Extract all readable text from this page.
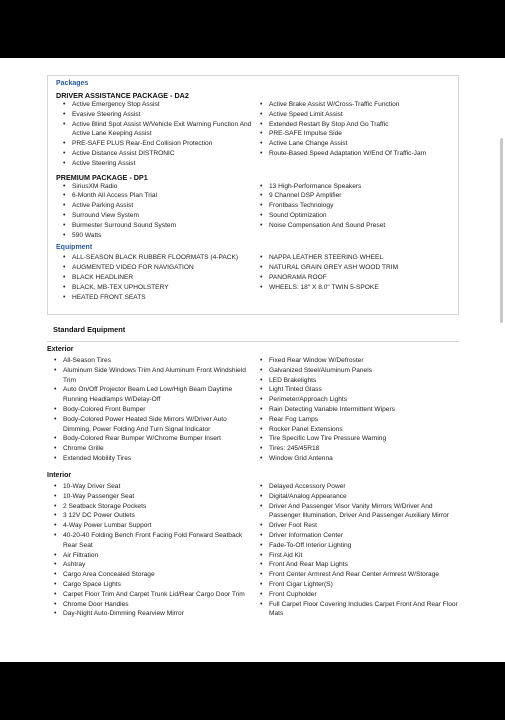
Packages
DRIVER ASSISTANCE PACKAGE - DA2
• Active Emergency Stop Assist
• Evasive Steering Assist
• Active Blind Spot Assist W/Vehicle Exit Warning Function And Active Lane Keeping Assist
• PRE-SAFE PLUS Rear-End Collision Protection
• Active Distance Assist DISTRONIC
• Active Steering Assist
• Active Brake Assist W/Cross-Traffic Function
• Active Speed Limit Assist
• Extended Restart By Stop And Go Traffic
• PRE-SAFE Impulse Side
• Active Lane Change Assist
• Route-Based Speed Adaptation W/End Of Traffic-Jam
PREMIUM PACKAGE - DP1
• SiriusXM Radio
• 6-Month All Access Plan Trial
• Active Parking Assist
• Surround View System
• Burmester Surround Sound System
• 590 Watts
• 13 High-Performance Speakers
• 9 Channel DSP Amplifier
• Frontbass Technology
• Sound Optimization
• Noise Compensation And Sound Preset
Equipment
• ALL-SEASON BLACK RUBBER FLOORMATS (4-PACK)
• AUGMENTED VIDEO FOR NAVIGATION
• BLACK HEADLINER
• BLACK, MB-TEX UPHOLSTERY
• HEATED FRONT SEATS
• NAPPA LEATHER STEERING WHEEL
• NATURAL GRAIN GREY ASH WOOD TRIM
• PANORAMA ROOF
• WHEELS: 18" X 8.0" TWIN 5-SPOKE
Standard Equipment
Exterior
• All-Season Tires
• Aluminum Side Windows Trim And Aluminum Front Windshield Trim
• Auto On/Off Projector Beam Led Low/High Beam Daytime Running Headlamps W/Delay-Off
• Body-Colored Front Bumper
• Body-Colored Power Heated Side Mirrors W/Driver Auto Dimming, Power Folding And Turn Signal Indicator
• Body-Colored Rear Bumper W/Chrome Bumper Insert
• Chrome Grille
• Extended Mobility Tires
• Fixed Rear Window W/Defroster
• Galvanized Steel/Aluminum Panels
• LED Brakelights
• Light Tinted Glass
• Perimeter/Approach Lights
• Rain Detecting Variable Intermittent Wipers
• Rear Fog Lamps
• Rocker Panel Extensions
• Tire Specific Low Tire Pressure Warning
• Tires: 245/45R18
• Window Grid Antenna
Interior
• 10-Way Driver Seat
• 10-Way Passenger Seat
• 2 Seatback Storage Pockets
• 3 12V DC Power Outlets
• 4-Way Power Lumbar Support
• 40-20-40 Folding Bench Front Facing Fold Forward Seatback Rear Seat
• Air Filtration
• Ashtray
• Cargo Area Concealed Storage
• Cargo Space Lights
• Carpet Floor Trim And Carpet Trunk Lid/Rear Cargo Door Trim
• Chrome Door Handles
• Day-Night Auto-Dimming Rearview Mirror
• Delayed Accessory Power
• Digital/Analog Appearance
• Driver And Passenger Visor Vanity Mirrors W/Driver And Passenger Illumination, Driver And Passenger Auxiliary Mirror
• Driver Foot Rest
• Driver Information Center
• Fade-To-Off Interior Lighting
• First Aid Kit
• Front And Rear Map Lights
• Front Center Armrest And Rear Center Armrest W/Storage
• Front Cigar Lighter(S)
• Front Cupholder
• Full Carpet Floor Covering Includes Carpet Front And Rear Floor Mats
